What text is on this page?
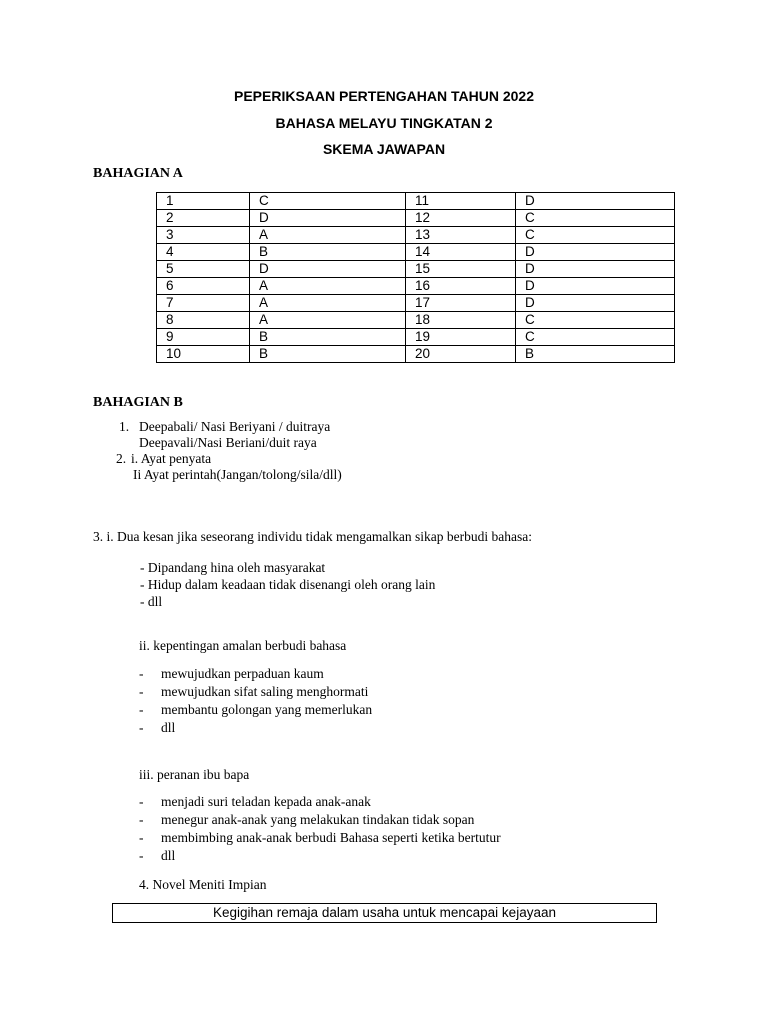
PEPERIKSAAN PERTENGAHAN TAHUN 2022
BAHASA MELAYU TINGKATAN 2
SKEMA JAWAPAN
BAHAGIAN A
1	C	11	D
2	D	12	C
3	A	13	C
4	B	14	D
5	D	15	D
6	A	16	D
7	A	17	D
8	A	18	C
9	B	19	C
10	B	20	B
BAHAGIAN B
1. Deepabali/ Nasi Beriyani / duitraya
Deepavali/Nasi Beriani/duit raya
2. i. Ayat penyata
Ii Ayat perintah(Jangan/tolong/sila/dll)
3. i. Dua kesan jika seseorang individu tidak mengamalkan sikap berbudi bahasa:
- Dipandang hina oleh masyarakat
- Hidup dalam keadaan tidak disenangi oleh orang lain
- dll
ii. kepentingan amalan berbudi bahasa
- mewujudkan perpaduan kaum
- mewujudkan sifat saling menghormati
- membantu golongan yang memerlukan
- dll
iii. peranan ibu bapa
- menjadi suri teladan kepada anak-anak
- menegur anak-anak yang melakukan tindakan tidak sopan
- membimbing anak-anak berbudi Bahasa seperti ketika bertutur
- dll
4. Novel Meniti Impian
Kegigihan remaja dalam usaha untuk mencapai kejayaan
